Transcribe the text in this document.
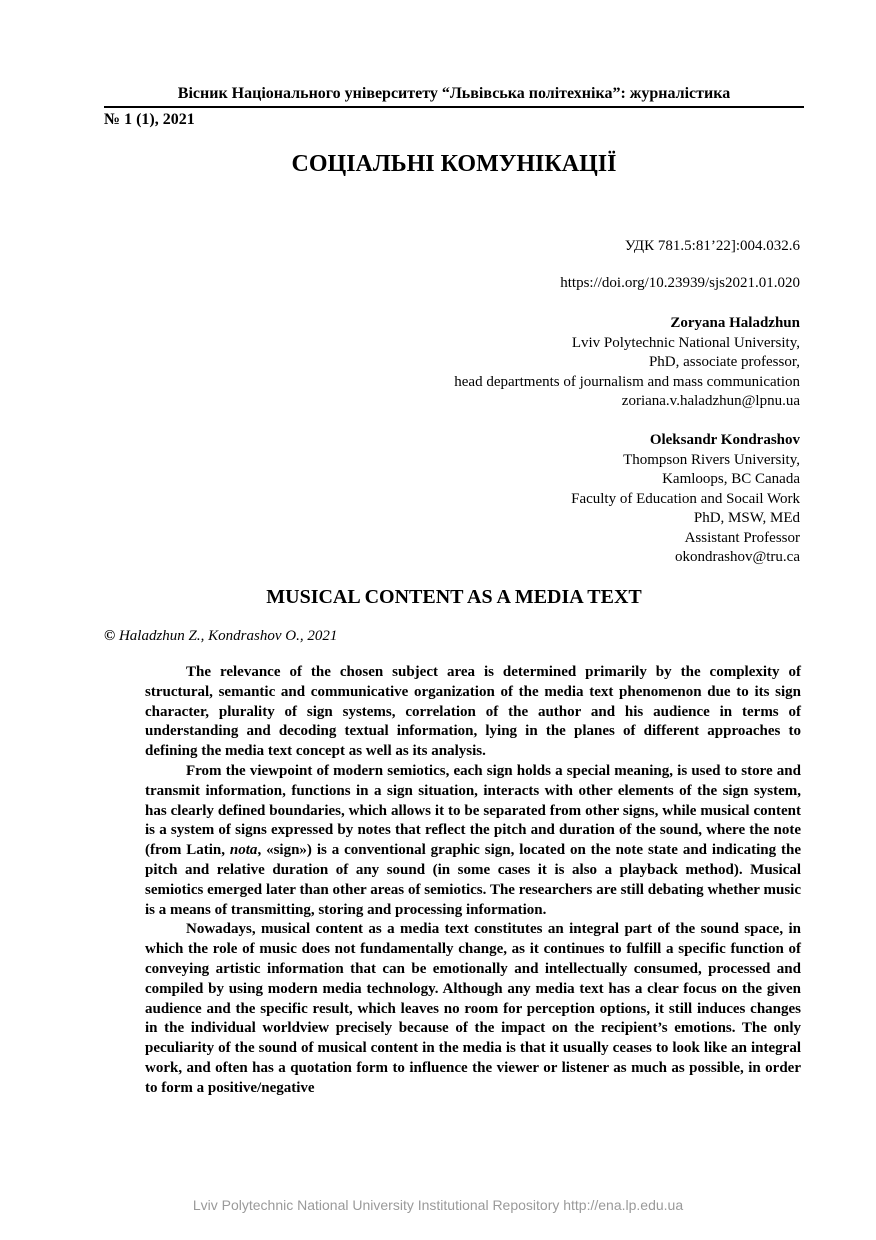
Вісник Національного університету “Львівська політехніка”: журналістика
№ 1 (1), 2021
СОЦІАЛЬНІ КОМУНІКАЦІЇ
УДК 781.5:81’22]:004.032.6
https://doi.org/10.23939/sjs2021.01.020
Zoryana Haladzhun
Lviv Polytechnic National University,
PhD, associate professor,
head departments of journalism and mass communication
zoriana.v.haladzhun@lpnu.ua
Oleksandr Kondrashov
Thompson Rivers University,
Kamloops, BC Canada
Faculty of Education and Socail Work
PhD, MSW, MEd
Assistant Professor
okondrashov@tru.ca
MUSICAL CONTENT AS A MEDIA TEXT
© Haladzhun Z., Kondrashov O., 2021

The relevance of the chosen subject area is determined primarily by the complexity of structural, semantic and communicative organization of the media text phenomenon due to its sign character, plurality of sign systems, correlation of the author and his audience in terms of understanding and decoding textual information, lying in the planes of different approaches to defining the media text concept as well as its analysis.

From the viewpoint of modern semiotics, each sign holds a special meaning, is used to store and transmit information, functions in a sign situation, interacts with other elements of the sign system, has clearly defined boundaries, which allows it to be separated from other signs, while musical content is a system of signs expressed by notes that reflect the pitch and duration of the sound, where the note (from Latin, nota, «sign») is a conventional graphic sign, located on the note state and indicating the pitch and relative duration of any sound (in some cases it is also a playback method). Musical semiotics emerged later than other areas of semiotics. The researchers are still debating whether music is a means of transmitting, storing and processing information.

Nowadays, musical content as a media text constitutes an integral part of the sound space, in which the role of music does not fundamentally change, as it continues to fulfill a specific function of conveying artistic information that can be emotionally and intellectually consumed, processed and compiled by using modern media technology. Although any media text has a clear focus on the given audience and the specific result, which leaves no room for perception options, it still induces changes in the individual worldview precisely because of the impact on the recipient’s emotions. The only peculiarity of the sound of musical content in the media is that it usually ceases to look like an integral work, and often has a quotation form to influence the viewer or listener as much as possible, in order to form a positive/negative

Lviv Polytechnic National University Institutional Repository http://ena.lp.edu.ua
